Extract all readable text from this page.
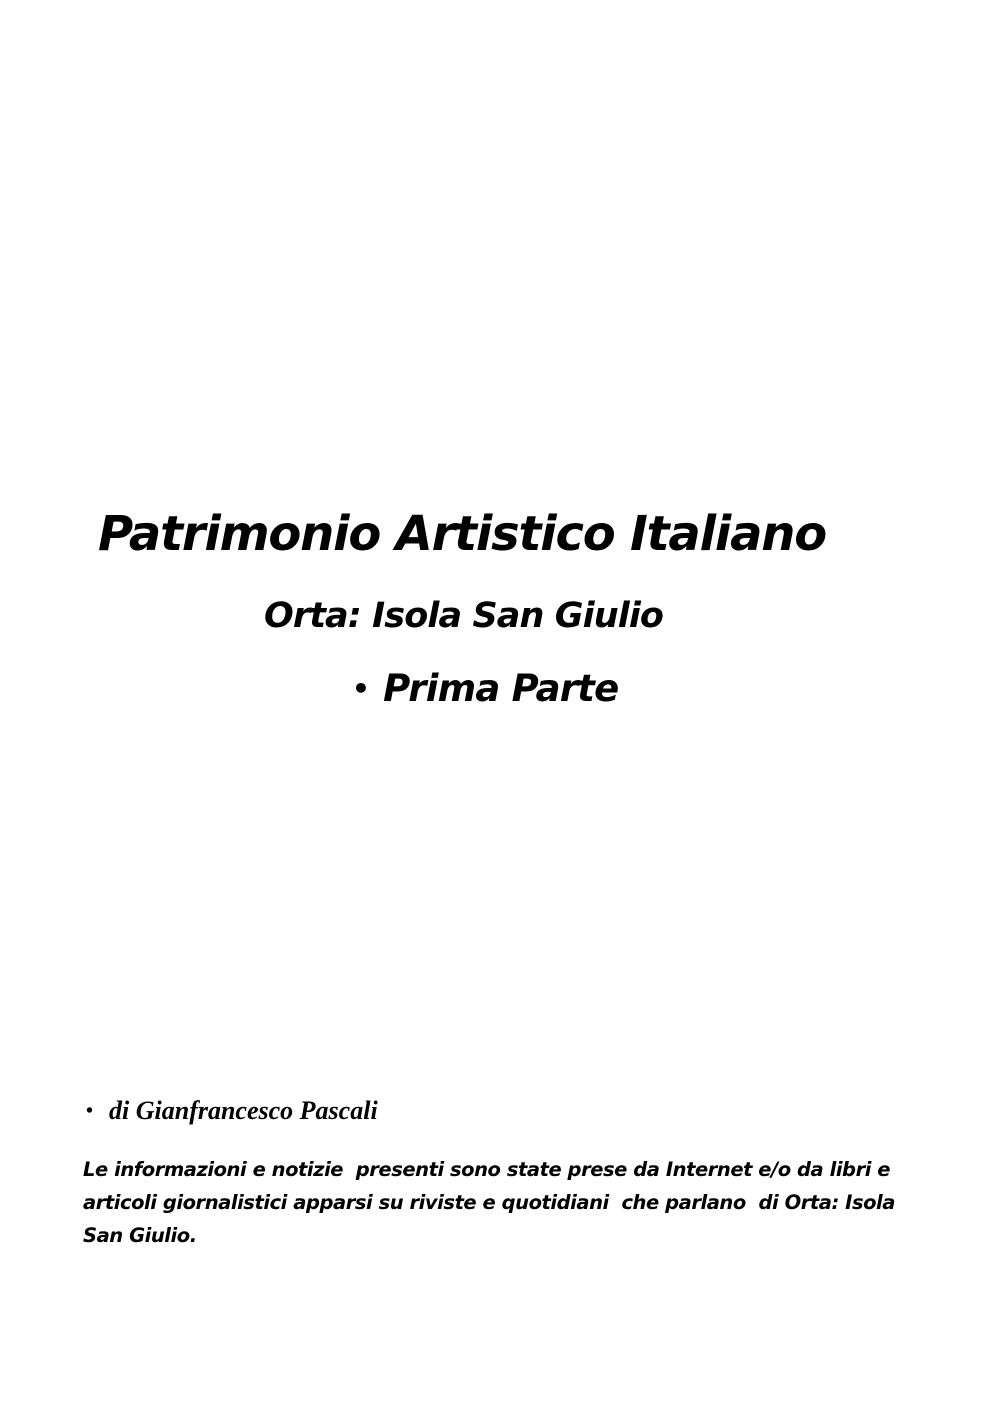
Patrimonio Artistico Italiano
Orta: Isola San Giulio
• Prima Parte
• di Gianfrancesco Pascali

Le informazioni e notizie  presenti sono state prese da Internet e/o da libri e
articoli giornalistici apparsi su riviste e quotidiani  che parlano  di Orta: Isola
San Giulio.
